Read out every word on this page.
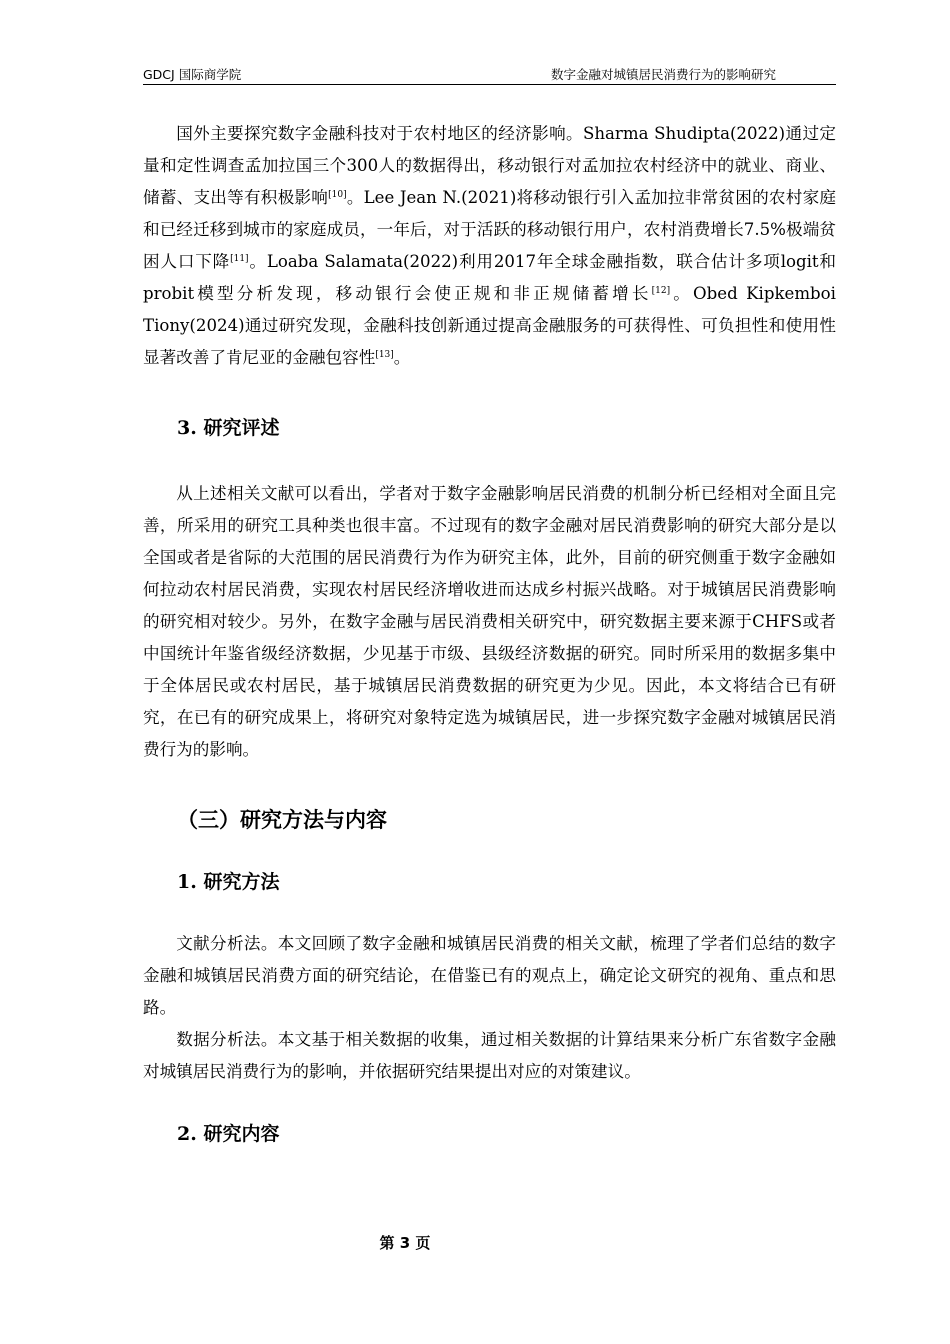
GDCJ 国际商学院	数字金融对城镇居民消费行为的影响研究

国外主要探究数字金融科技对于农村地区的经济影响。Sharma Shudipta(2022)通过定量和定性调查孟加拉国三个300人的数据得出，移动银行对孟加拉农村经济中的就业、商业、储蓄、支出等有积极影响[10]。Lee Jean N.(2021)将移动银行引入孟加拉非常贫困的农村家庭和已经迁移到城市的家庭成员，一年后，对于活跃的移动银行用户，农村消费增长7.5%极端贫困人口下降[11]。Loaba Salamata(2022)利用2017年全球金融指数，联合估计多项logit和probit模型分析发现，移动银行会使正规和非正规储蓄增长[12]。Obed Kipkemboi Tiony(2024)通过研究发现，金融科技创新通过提高金融服务的可获得性、可负担性和使用性显著改善了肯尼亚的金融包容性[13]。

3. 研究评述

从上述相关文献可以看出，学者对于数字金融影响居民消费的机制分析已经相对全面且完善，所采用的研究工具种类也很丰富。不过现有的数字金融对居民消费影响的研究大部分是以全国或者是省际的大范围的居民消费行为作为研究主体，此外，目前的研究侧重于数字金融如何拉动农村居民消费，实现农村居民经济增收进而达成乡村振兴战略。对于城镇居民消费影响的研究相对较少。另外，在数字金融与居民消费相关研究中，研究数据主要来源于CHFS或者中国统计年鉴省级经济数据，少见基于市级、县级经济数据的研究。同时所采用的数据多集中于全体居民或农村居民，基于城镇居民消费数据的研究更为少见。因此，本文将结合已有研究，在已有的研究成果上，将研究对象特定选为城镇居民，进一步探究数字金融对城镇居民消费行为的影响。

（三）研究方法与内容
1. 研究方法

文献分析法。本文回顾了数字金融和城镇居民消费的相关文献，梳理了学者们总结的数字金融和城镇居民消费方面的研究结论，在借鉴已有的观点上，确定论文研究的视角、重点和思路。

数据分析法。本文基于相关数据的收集，通过相关数据的计算结果来分析广东省数字金融对城镇居民消费行为的影响，并依据研究结果提出对应的对策建议。

2. 研究内容
第 3 页
